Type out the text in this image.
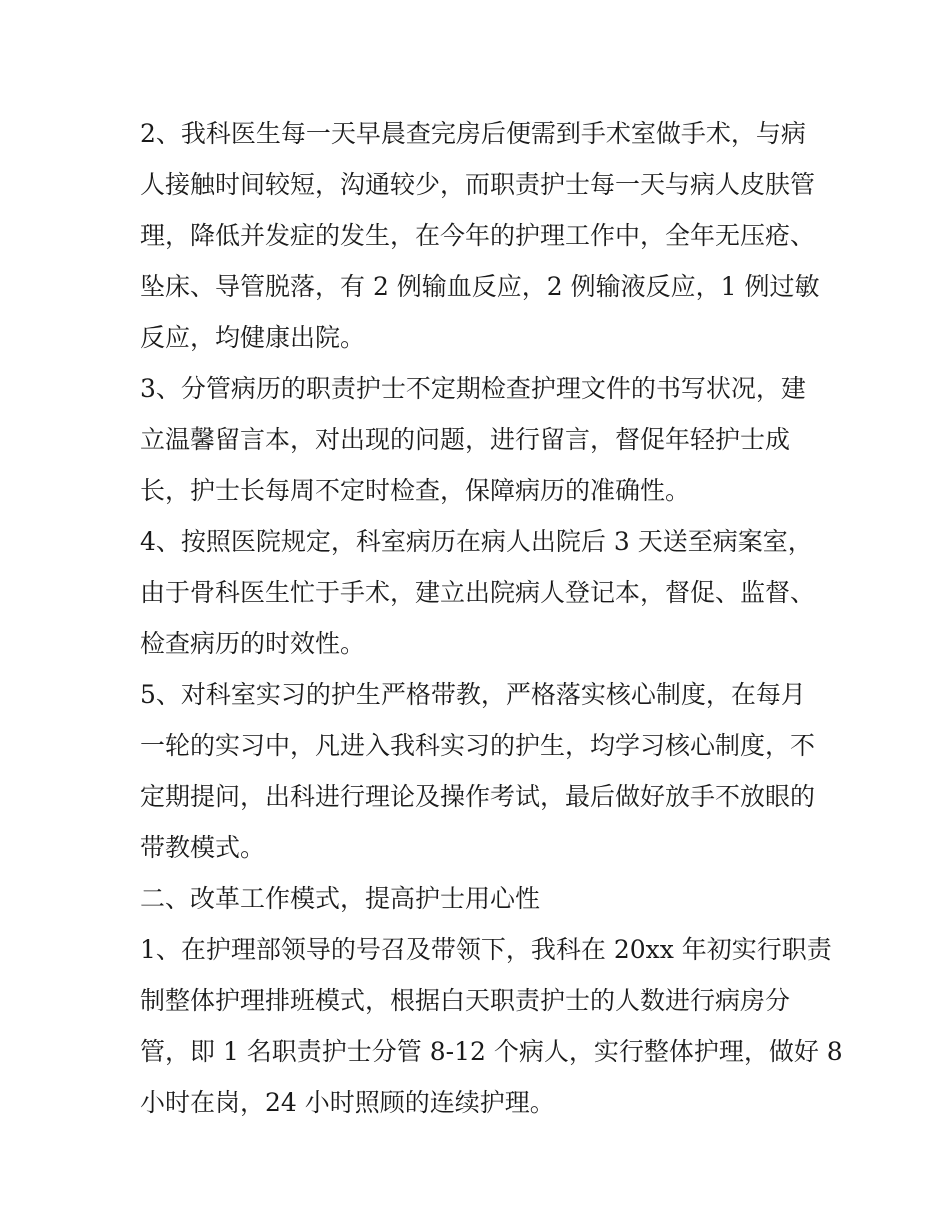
2、我科医生每一天早晨查完房后便需到手术室做手术，与病
人接触时间较短，沟通较少，而职责护士每一天与病人皮肤管
理，降低并发症的发生，在今年的护理工作中，全年无压疮、
坠床、导管脱落，有 2 例输血反应，2 例输液反应，1 例过敏
反应，均健康出院。
3、分管病历的职责护士不定期检查护理文件的书写状况，建
立温馨留言本，对出现的问题，进行留言，督促年轻护士成
长，护士长每周不定时检查，保障病历的准确性。
4、按照医院规定，科室病历在病人出院后 3 天送至病案室，
由于骨科医生忙于手术，建立出院病人登记本，督促、监督、
检查病历的时效性。
5、对科室实习的护生严格带教，严格落实核心制度，在每月
一轮的实习中，凡进入我科实习的护生，均学习核心制度，不
定期提问，出科进行理论及操作考试，最后做好放手不放眼的
带教模式。
二、改革工作模式，提高护士用心性
1、在护理部领导的号召及带领下，我科在 20xx 年初实行职责
制整体护理排班模式，根据白天职责护士的人数进行病房分
管，即 1 名职责护士分管 8-12 个病人，实行整体护理，做好 8
小时在岗，24 小时照顾的连续护理。
